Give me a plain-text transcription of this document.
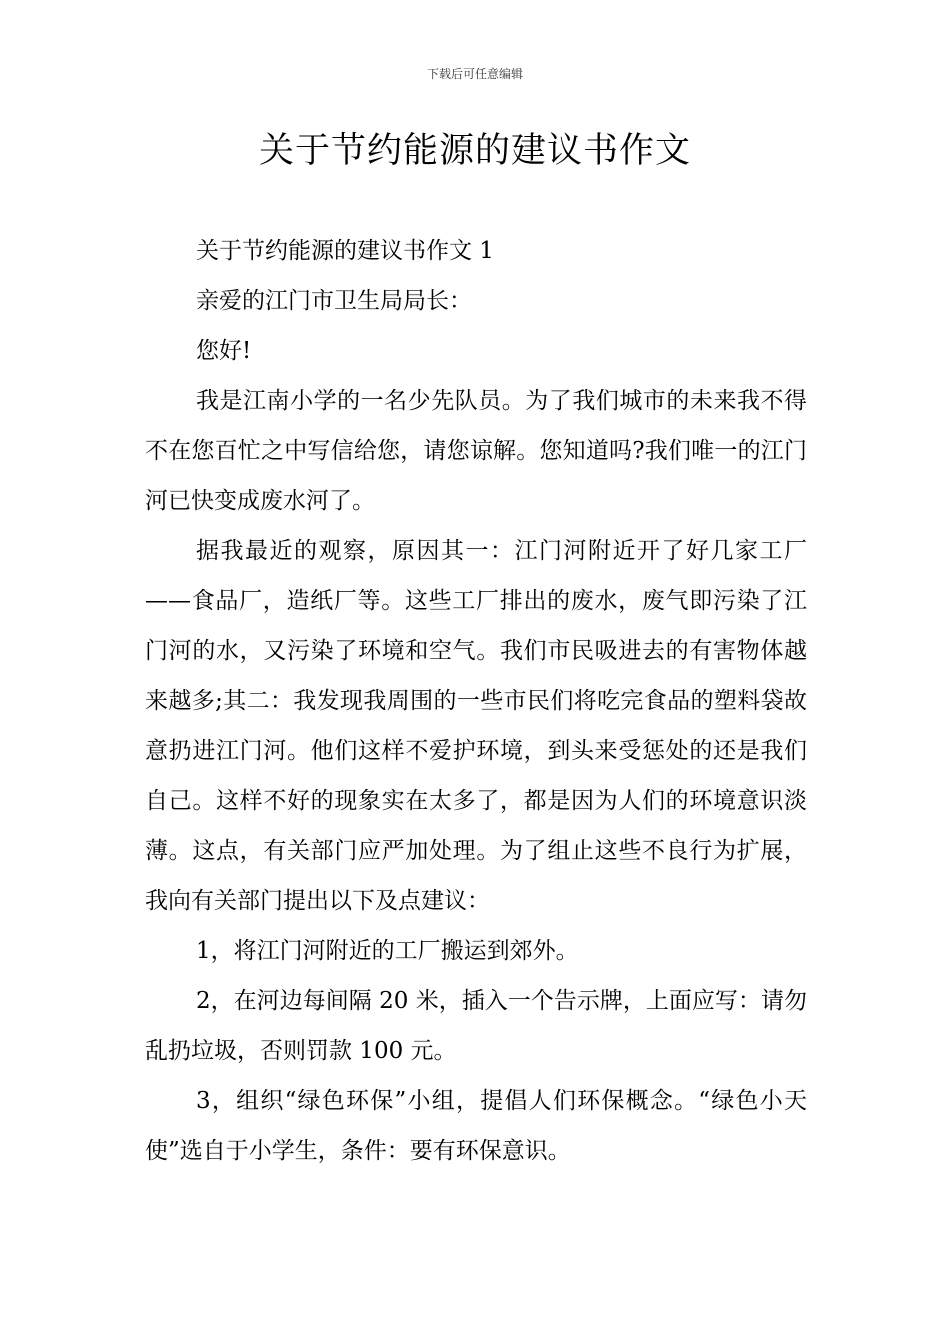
下载后可任意编辑
关于节约能源的建议书作文

关于节约能源的建议书作文 1

亲爱的江门市卫生局局长：

您好!

我是江南小学的一名少先队员。为了我们城市的未来我不得不在您百忙之中写信给您，请您谅解。您知道吗?我们唯一的江门河已快变成废水河了。

据我最近的观察，原因其一：江门河附近开了好几家工厂——食品厂，造纸厂等。这些工厂排出的废水，废气即污染了江门河的水，又污染了环境和空气。我们市民吸进去的有害物体越来越多;其二：我发现我周围的一些市民们将吃完食品的塑料袋故意扔进江门河。他们这样不爱护环境，到头来受惩处的还是我们自己。这样不好的现象实在太多了，都是因为人们的环境意识淡薄。这点，有关部门应严加处理。为了组止这些不良行为扩展，我向有关部门提出以下及点建议：

1，将江门河附近的工厂搬运到郊外。

2，在河边每间隔 20 米，插入一个告示牌，上面应写：请勿乱扔垃圾，否则罚款 100 元。

3，组织“绿色环保”小组，提倡人们环保概念。“绿色小天使”选自于小学生，条件：要有环保意识。
